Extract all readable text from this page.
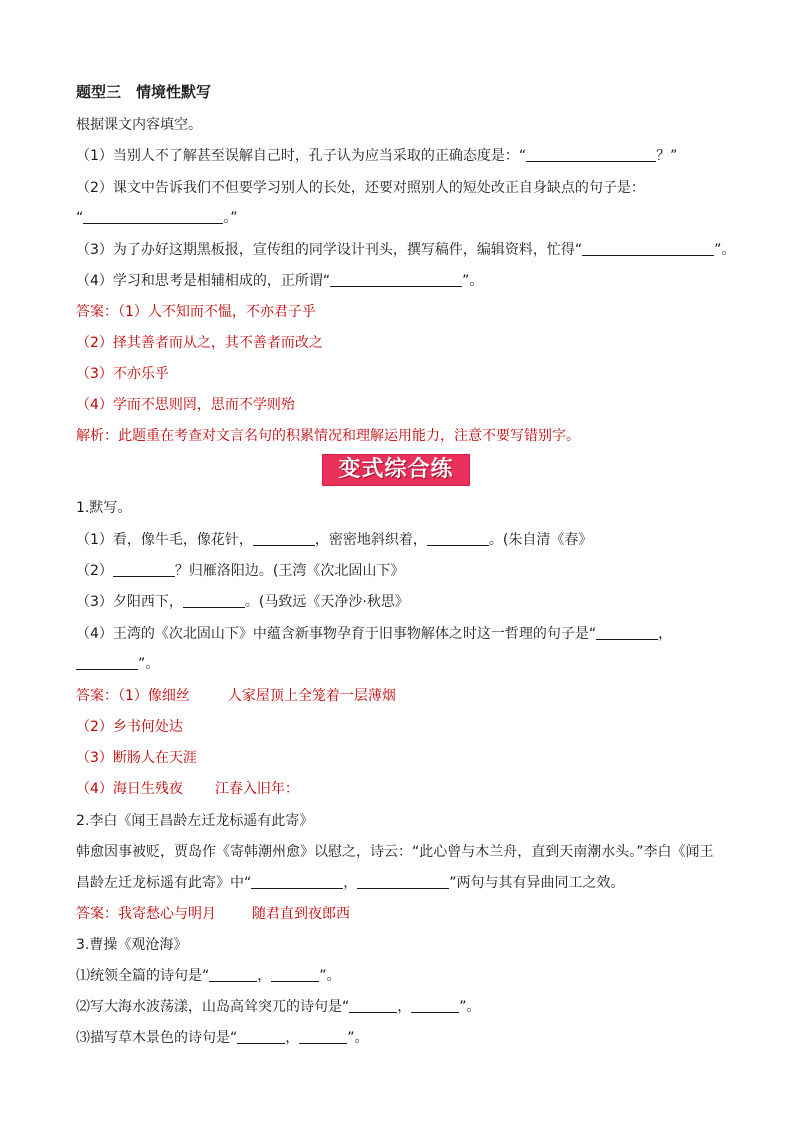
题型三　情境性默写
根据课文内容填空。
（1）当别人不了解甚至误解自己时，孔子认为应当采取的正确态度是：“	？”
（2）课文中告诉我们不但要学习别人的长处，还要对照别人的短处改正自身缺点的句子是：
“	。”
（3）为了办好这期黑板报，宣传组的同学设计刊头，撰写稿件，编辑资料，忙得“	”。
（4）学习和思考是相辅相成的，正所谓“	”。
答案：（1）人不知而不愠，不亦君子乎
（2）择其善者而从之，其不善者而改之
（3）不亦乐乎
（4）学而不思则罔，思而不学则殆
解析：此题重在考查对文言名句的积累情况和理解运用能力，注意不要写错别字。
变式综合练
1.默写。
（1）看，像牛毛，像花针，	，密密地斜织着，	。(朱自清《春》
（2）	？归雁洛阳边。(王湾《次北固山下》
（3）夕阳西下，	。(马致远《天净沙·秋思》
（4）王湾的《次北固山下》中蕴含新事物孕育于旧事物解体之时这一哲理的句子是“	，
”。
答案：（1）像细丝	人家屋顶上全笼着一层薄烟
（2）乡书何处达
（3）断肠人在天涯
（4）海日生残夜 江春入旧年：
2.李白《闻王昌龄左迁龙标遥有此寄》
韩愈因事被贬，贾岛作《寄韩潮州愈》以慰之，诗云：“此心曾与木兰舟，直到天南潮水头。”李白《闻王
昌龄左迁龙标遥有此寄》中“	，	”两句与其有异曲同工之效。
答案：我寄愁心与明月	随君直到夜郎西
3.曹操《观沧海》
⑴统领全篇的诗句是“	，	”。
⑵写大海水波荡漾，山岛高耸突兀的诗句是“	，	”。
⑶描写草木景色的诗句是“	，	”。
